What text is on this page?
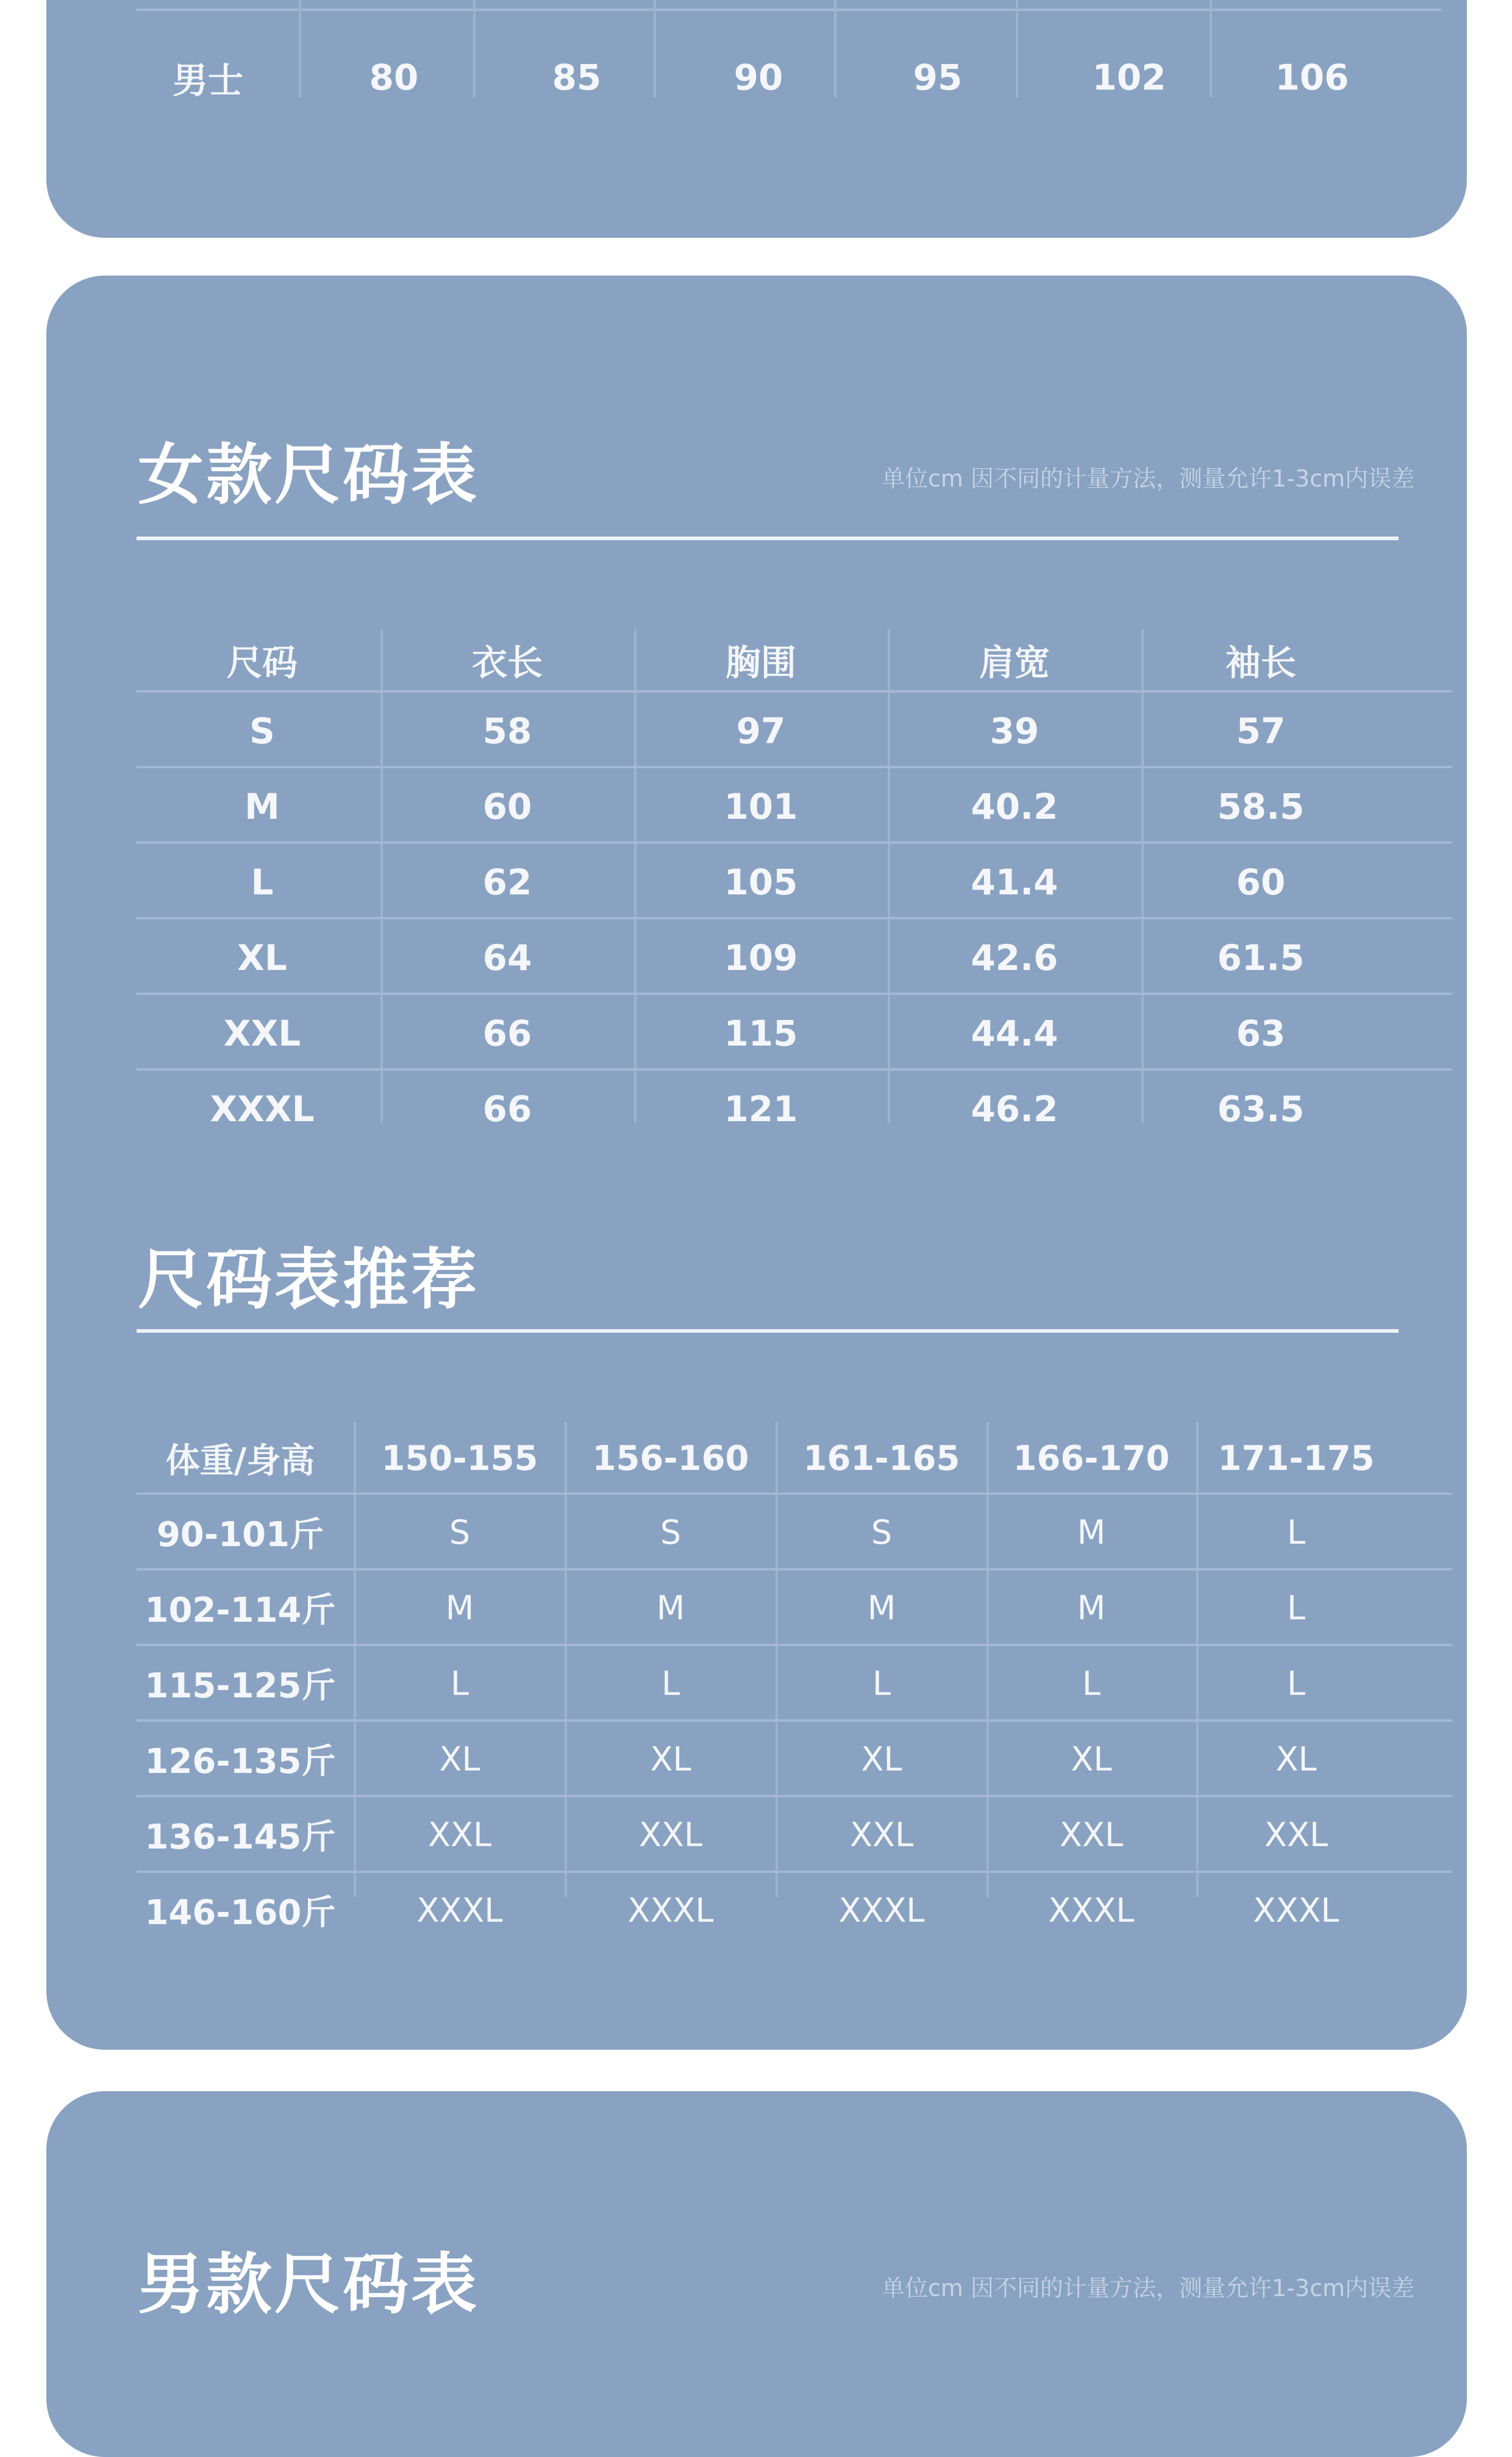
男士	80	85	90	95	102	106
女款尺码表	单位cm 因不同的计量方法，测量允许1-3cm内误差
尺码	衣长	胸围	肩宽	袖长
S	58	97	39	57
M	60	101	40.2	58.5
L	62	105	41.4	60
XL	64	109	42.6	61.5
XXL	66	115	44.4	63
XXXL	66	121	46.2	63.5
尺码表推荐
体重/身高	150-155	156-160	161-165	166-170	171-175
90-101斤	S	S	S	M	L
102-114斤	M	M	M	M	L
115-125斤	L	L	L	L	L
126-135斤	XL	XL	XL	XL	XL
136-145斤	XXL	XXL	XXL	XXL	XXL
146-160斤	XXXL	XXXL	XXXL	XXXL	XXXL
男款尺码表	单位cm 因不同的计量方法，测量允许1-3cm内误差
